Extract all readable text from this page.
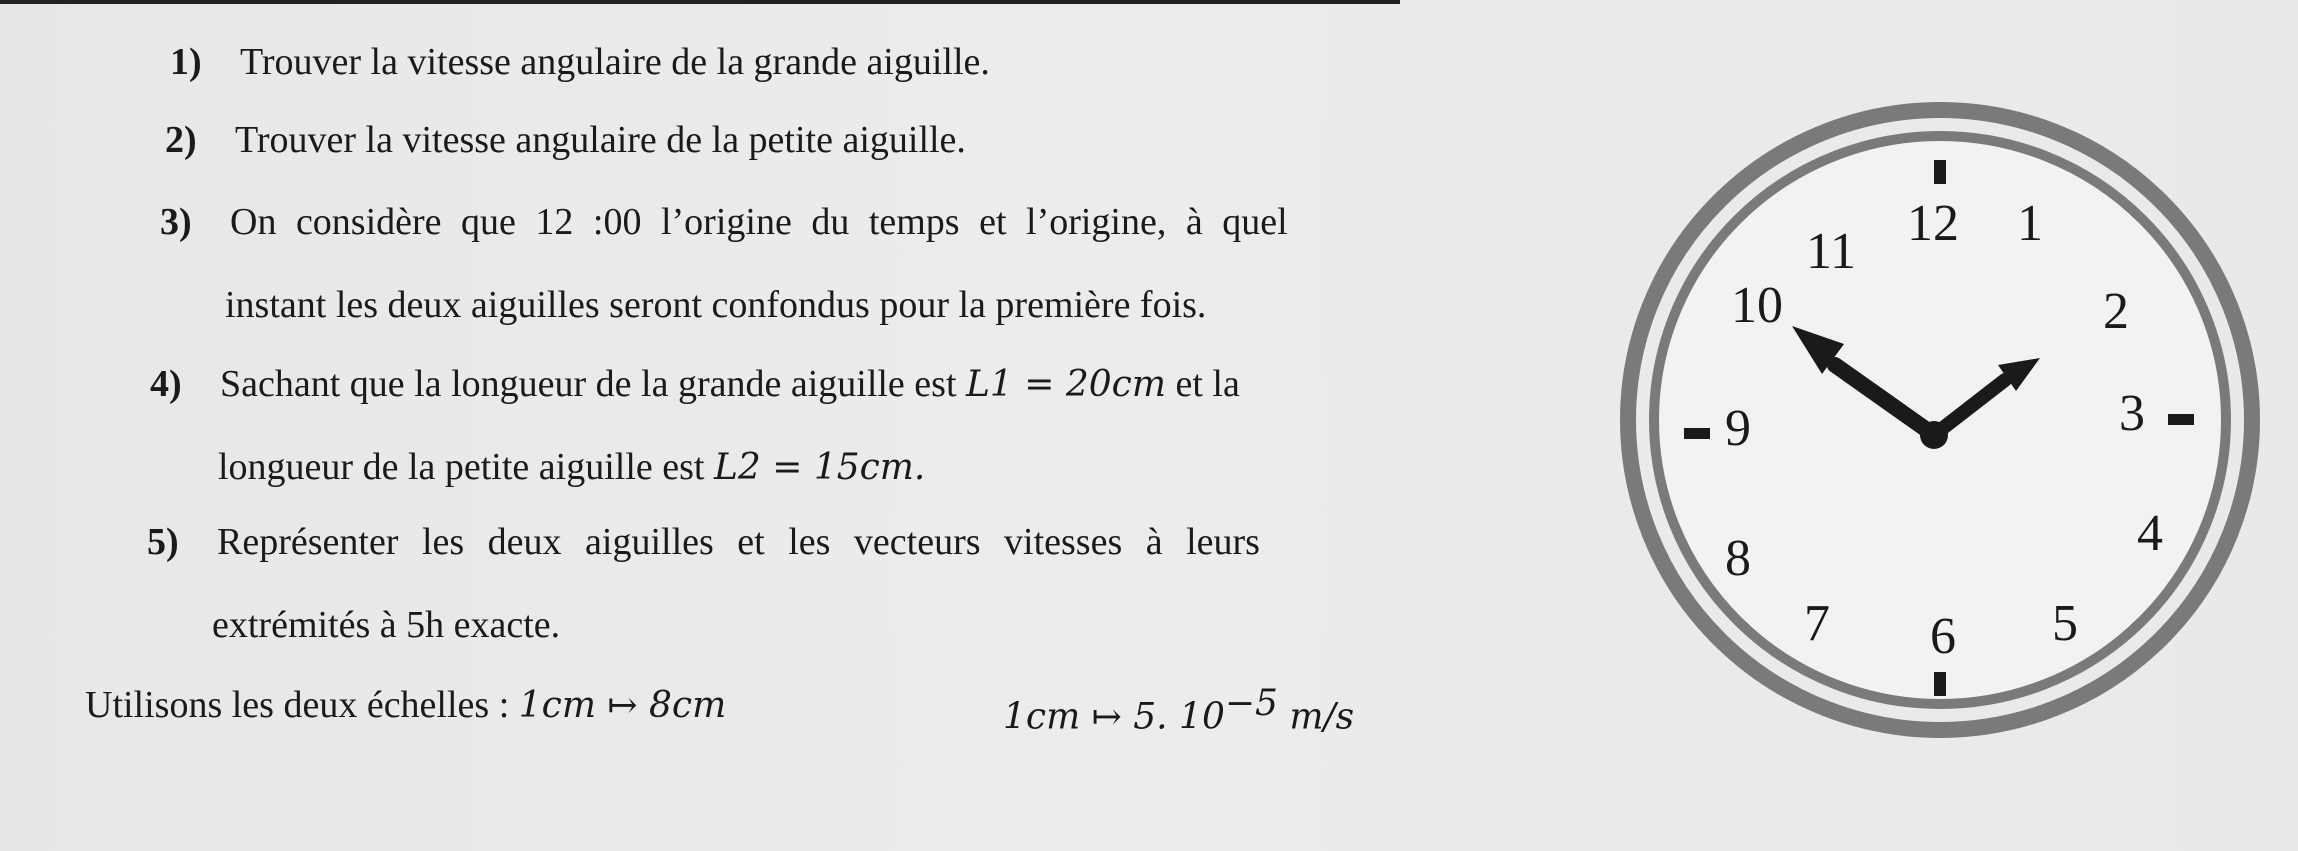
1) Trouver la vitesse angulaire de la grande aiguille.
2) Trouver la vitesse angulaire de la petite aiguille.
3) On considère que 12 :00 l’origine du temps et l’origine, à quel
instant les deux aiguilles seront confondus pour la première fois.
4) Sachant que la longueur de la grande aiguille est L1 = 20cm et la
longueur de la petite aiguille est L2 = 15cm.
5) Représenter les deux aiguilles et les vecteurs vitesses à leurs
extrémités à 5h exacte.
Utilisons les deux échelles : 1cm ↦ 8cm	1cm ↦ 5. $10^{-5}$ m/s
12 1
2
3
4
5
6
7
8
9
10
11
